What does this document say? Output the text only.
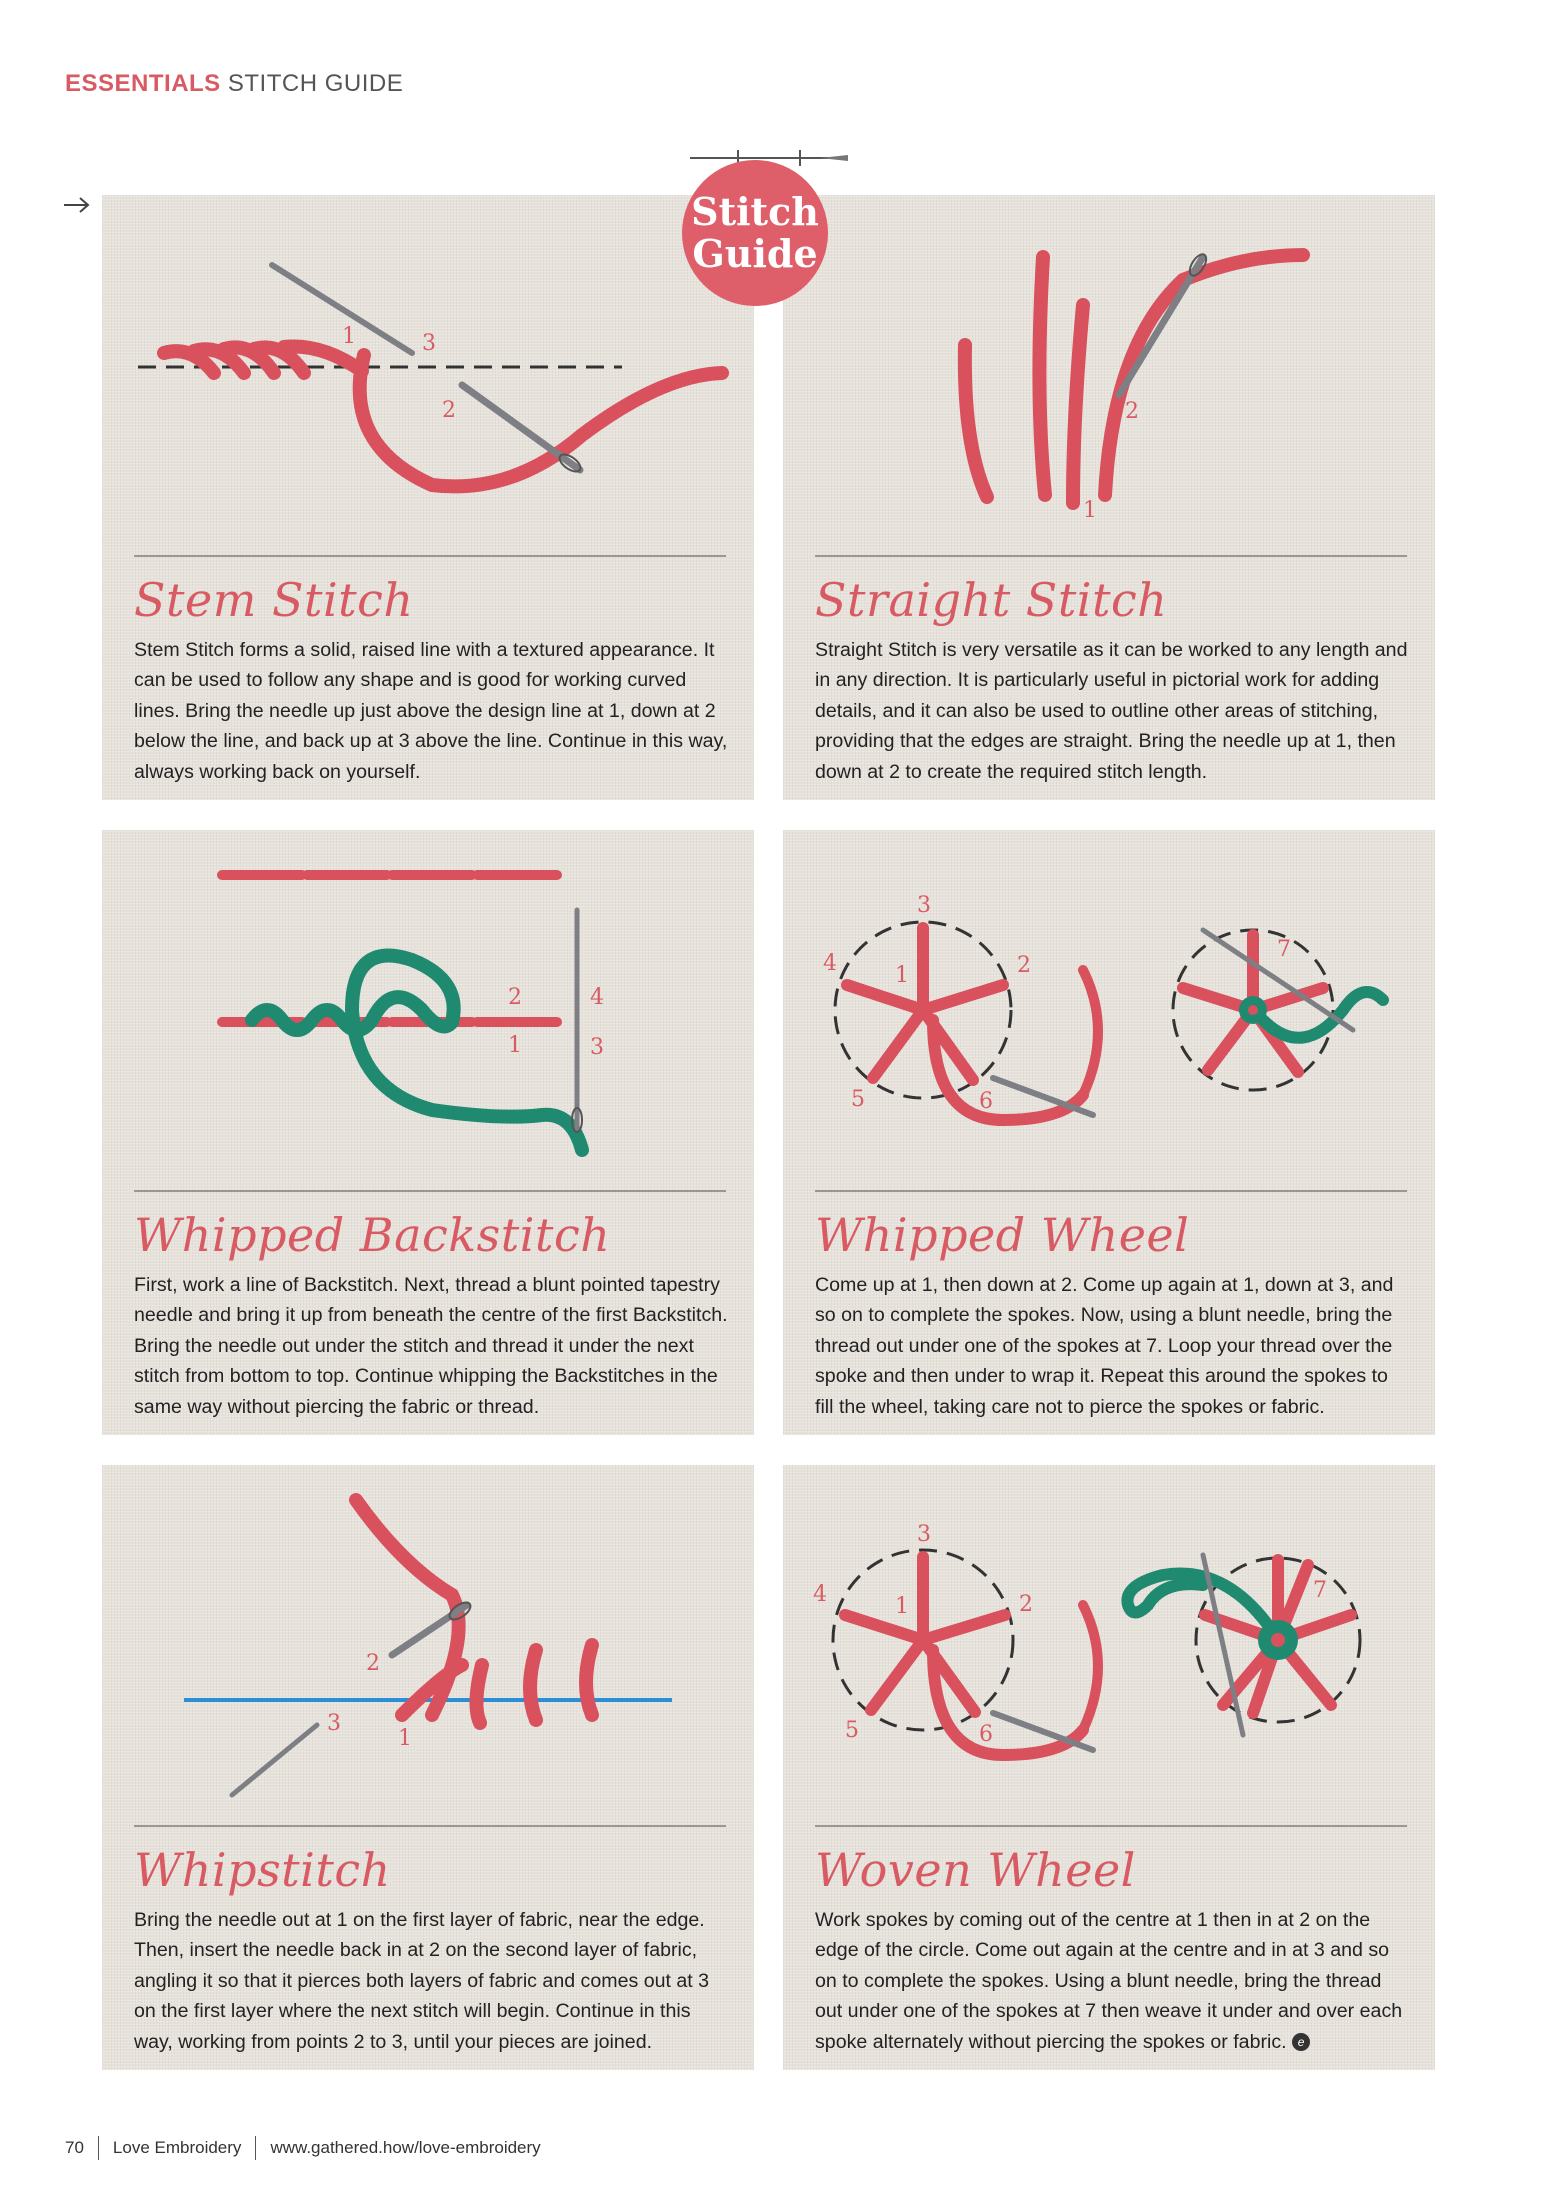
ESSENTIALS STITCH GUIDE
Stitch
Guide
1
2
3
Stem Stitch

Stem Stitch forms a solid, raised line with a textured appearance. It can be used to follow any shape and is good for working curved lines. Bring the needle up just above the design line at 1, down at 2 below the line, and back up at 3 above the line. Continue in this way, always working back on yourself.

1
2
Straight Stitch

Straight Stitch is very versatile as it can be worked to any length and in any direction. It is particularly useful in pictorial work for adding details, and it can also be used to outline other areas of stitching, providing that the edges are straight. Bring the needle up at 1, then down at 2 to create the required stitch length.

1
2
3
4
Whipped Backstitch

First, work a line of Backstitch. Next, thread a blunt pointed tapestry needle and bring it up from beneath the centre of the first Backstitch. Bring the needle out under the stitch and thread it under the next stitch from bottom to top. Continue whipping the Backstitches in the same way without piercing the fabric or thread.

1	2
3
4
5	6
7
Whipped Wheel

Come up at 1, then down at 2. Come up again at 1, down at 3, and so on to complete the spokes. Now, using a blunt needle, bring the thread out under one of the spokes at 7. Loop your thread over the spoke and then under to wrap it. Repeat this around the spokes to fill the wheel, taking care not to pierce the spokes or fabric.

1
2
3
Whipstitch

Bring the needle out at 1 on the first layer of fabric, near the edge. Then, insert the needle back in at 2 on the second layer of fabric, angling it so that it pierces both layers of fabric and comes out at 3 on the first layer where the next stitch will begin. Continue in this way, working from points 2 to 3, until your pieces are joined.

1	2
3
4
5	6
7
Woven Wheel

Work spokes by coming out of the centre at 1 then in at 2 on the edge of the circle. Come out again at the centre and in at 3 and so on to complete the spokes. Using a blunt needle, bring the thread out under one of the spokes at 7 then weave it under and over each spoke alternately without piercing the spokes or fabric. e

70 Love Embroidery www.gathered.how/love-embroidery
